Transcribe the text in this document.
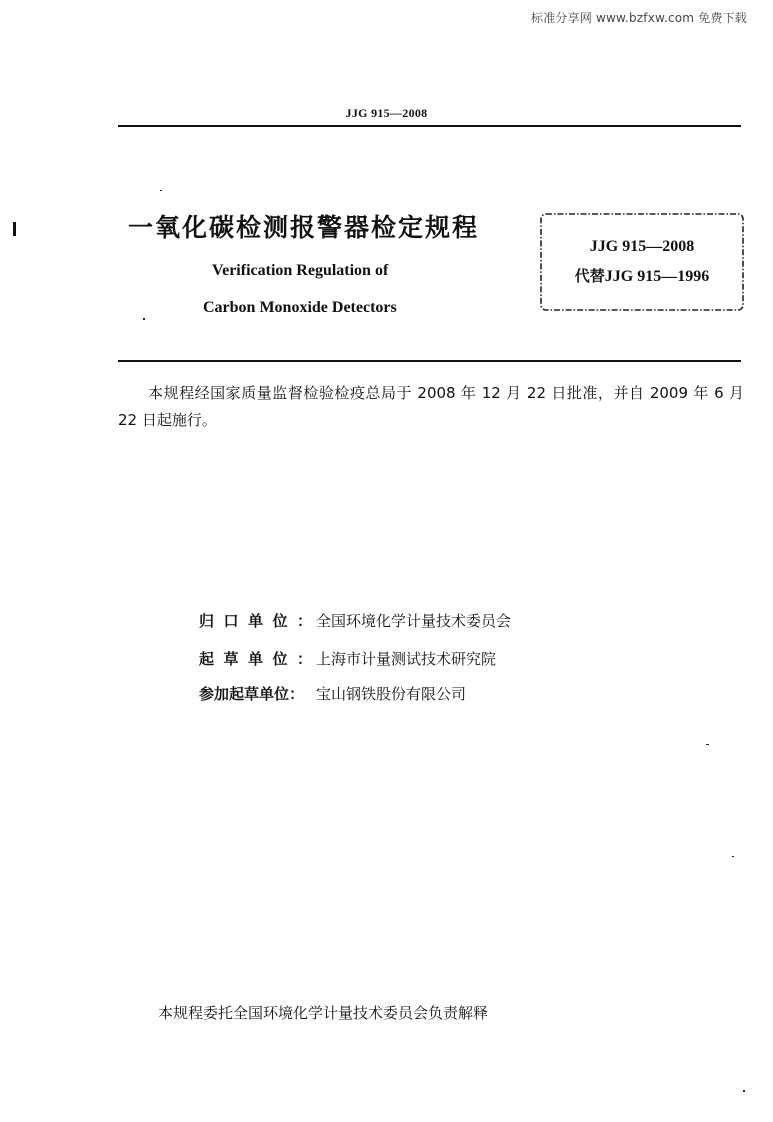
标准分享网 www.bzfxw.com 免费下载
JJG 915—2008
一氧化碳检测报警器检定规程
Verification Regulation of
Carbon Monoxide Detectors
JJG 915—2008
代替JJG 915—1996
本规程经国家质量监督检验检疫总局于 2008 年 12 月 22 日批准，并自 2009 年 6 月 22 日起施行。
归口单位：全国环境化学计量技术委员会
起草单位：上海市计量测试技术研究院
参加起草单位： 宝山钢铁股份有限公司
本规程委托全国环境化学计量技术委员会负责解释
